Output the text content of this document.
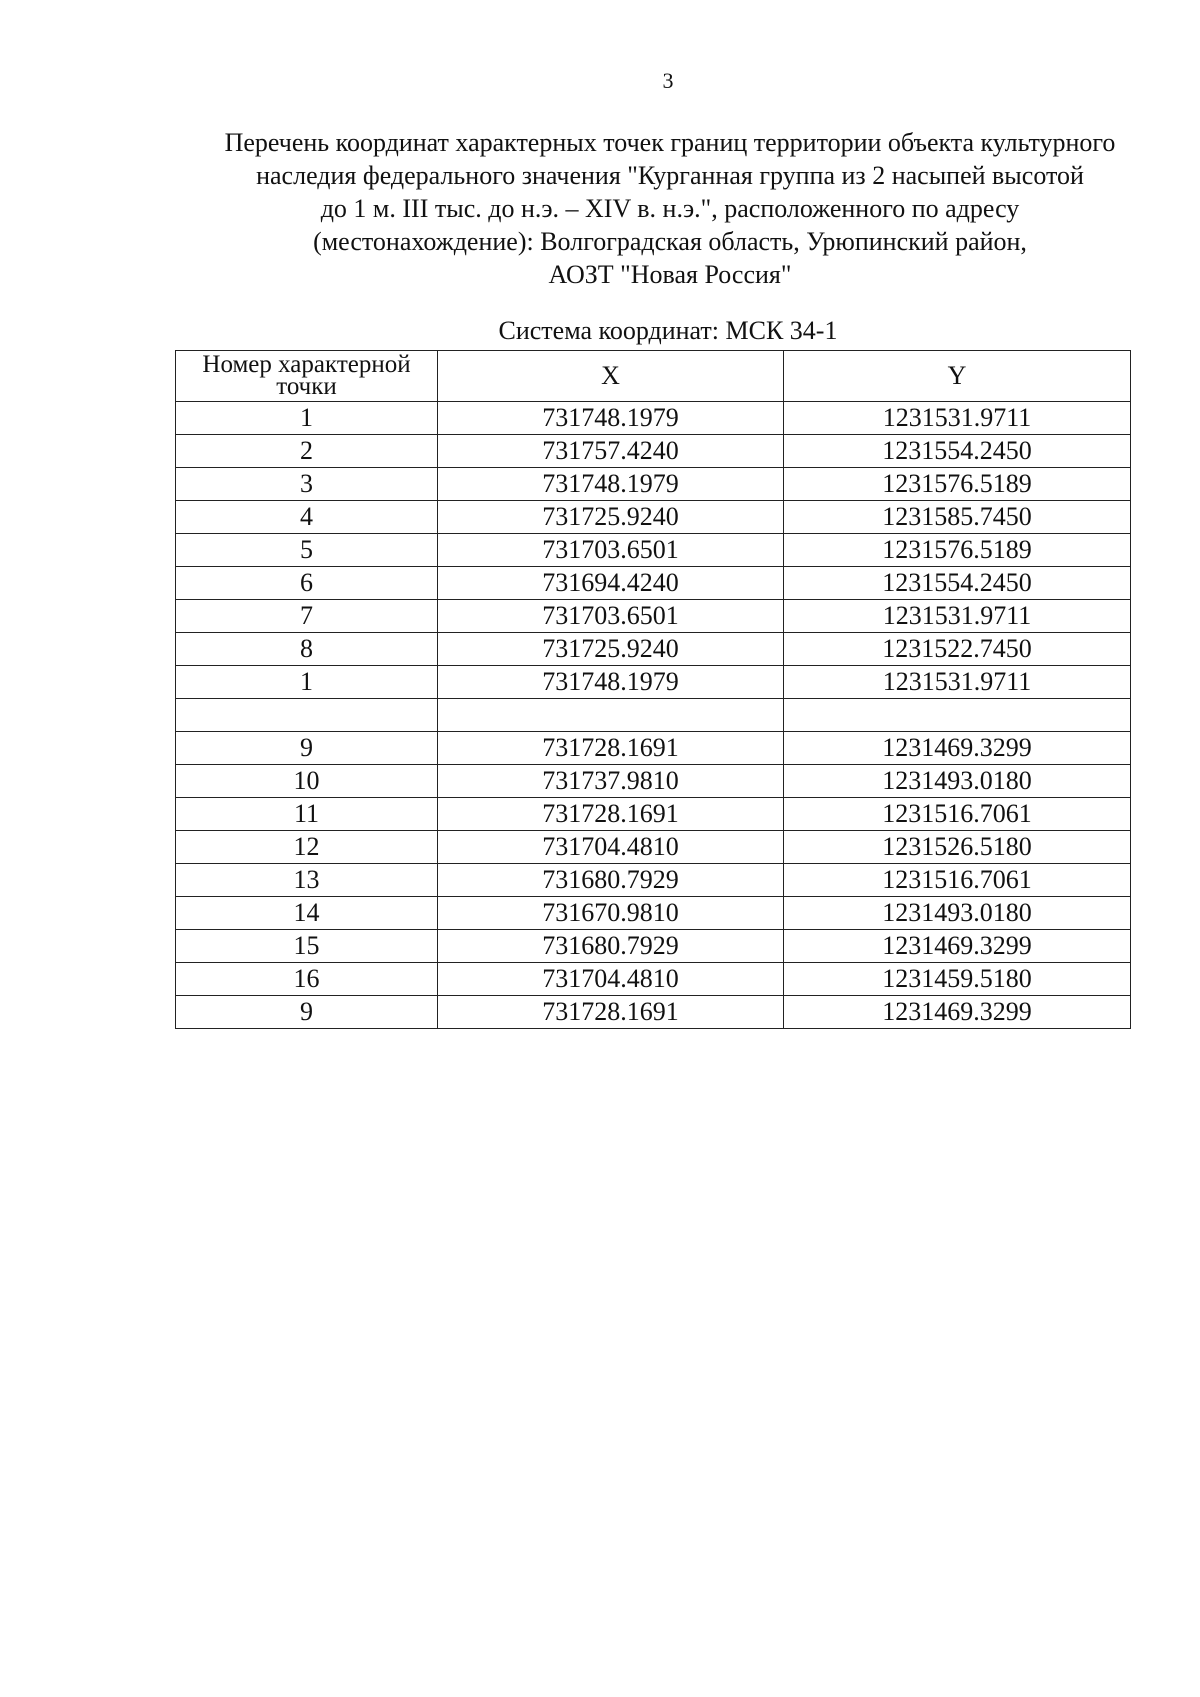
3
Перечень координат характерных точек границ территории объекта культурного
наследия федерального значения "Курганная группа из 2 насыпей высотой
до 1 м. III тыс. до н.э. – XIV в. н.э.", расположенного по адресу
(местонахождение): Волгоградская область, Урюпинский район,
АОЗТ "Новая Россия"
Система координат: МСК 34-1
Номер характерной
точки	X	Y
1	731748.1979	1231531.9711
2	731757.4240	1231554.2450
3	731748.1979	1231576.5189
4	731725.9240	1231585.7450
5	731703.6501	1231576.5189
6	731694.4240	1231554.2450
7	731703.6501	1231531.9711
8	731725.9240	1231522.7450
1	731748.1979	1231531.9711

9	731728.1691	1231469.3299
10	731737.9810	1231493.0180
11	731728.1691	1231516.7061
12	731704.4810	1231526.5180
13	731680.7929	1231516.7061
14	731670.9810	1231493.0180
15	731680.7929	1231469.3299
16	731704.4810	1231459.5180
9	731728.1691	1231469.3299
